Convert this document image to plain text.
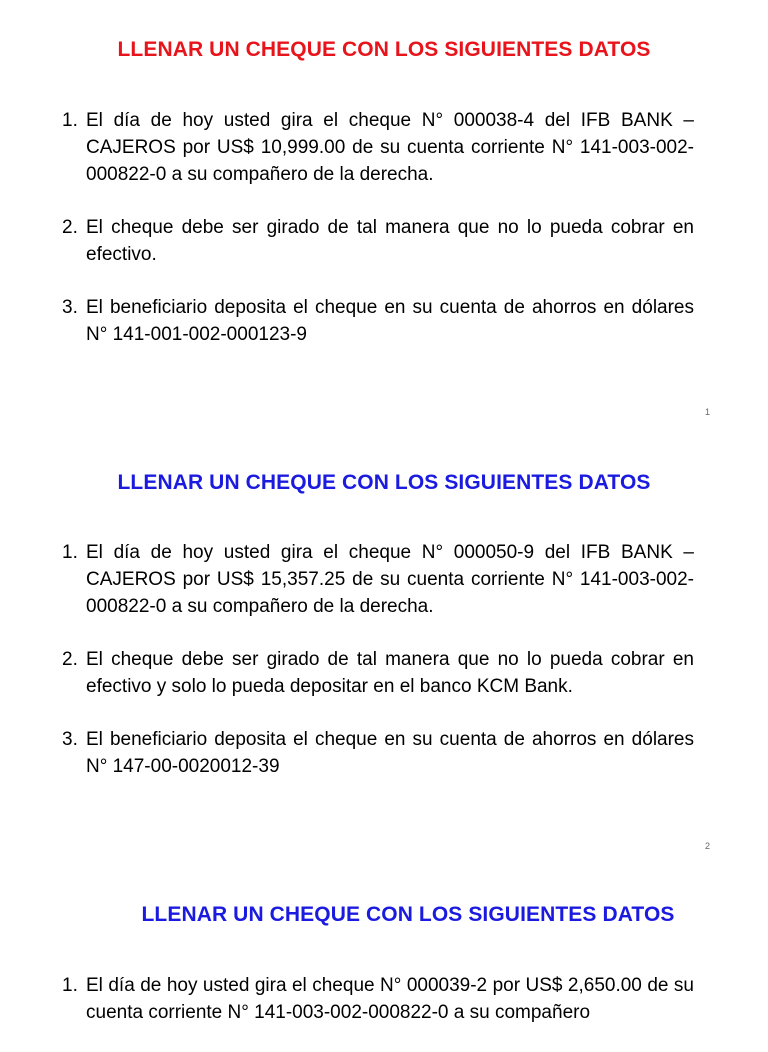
LLENAR UN CHEQUE CON LOS SIGUIENTES DATOS
1. El día de hoy usted gira el cheque N° 000038-4 del IFB BANK – CAJEROS por US$ 10,999.00 de su cuenta corriente N° 141-003-002-000822-0 a su compañero de la derecha.
2. El cheque debe ser girado de tal manera que no lo pueda cobrar en efectivo.
3. El beneficiario deposita el cheque en su cuenta de ahorros en dólares N° 141-001-002-000123-9
1
LLENAR UN CHEQUE CON LOS SIGUIENTES DATOS
1. El día de hoy usted gira el cheque N° 000050-9 del IFB BANK – CAJEROS por US$ 15,357.25 de su cuenta corriente N° 141-003-002-000822-0 a su compañero de la derecha.
2. El cheque debe ser girado de tal manera que no lo pueda cobrar en efectivo y solo lo pueda depositar en el banco KCM Bank.
3. El beneficiario deposita el cheque en su cuenta de ahorros en dólares N° 147-00-0020012-39
2
LLENAR UN CHEQUE CON LOS SIGUIENTES DATOS
1. El día de hoy usted gira el cheque N° 000039-2 por US$ 2,650.00 de su cuenta corriente N° 141-003-002-000822-0 a su compañero
